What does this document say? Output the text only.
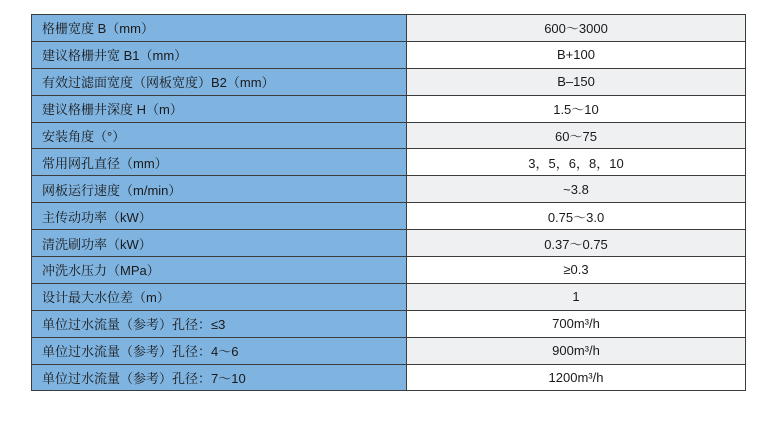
格栅宽度 B（mm）	600～3000
建议格栅井宽 B1（mm）	B+100
有效过滤面宽度（网板宽度）B2（mm）	B–150
建议格栅井深度 H（m）	1.5～10
安装角度（°）	60～75
常用网孔直径（mm）	3，5，6，8，10
网板运行速度（m/min）	~3.8
主传动功率（kW）	0.75～3.0
清洗刷功率（kW）	0.37～0.75
冲洗水压力（MPa）	≥0.3
设计最大水位差（m）	1
单位过水流量（参考）孔径：≤3	700m³/h
单位过水流量（参考）孔径：4～6	900m³/h
单位过水流量（参考）孔径：7～10	1200m³/h
